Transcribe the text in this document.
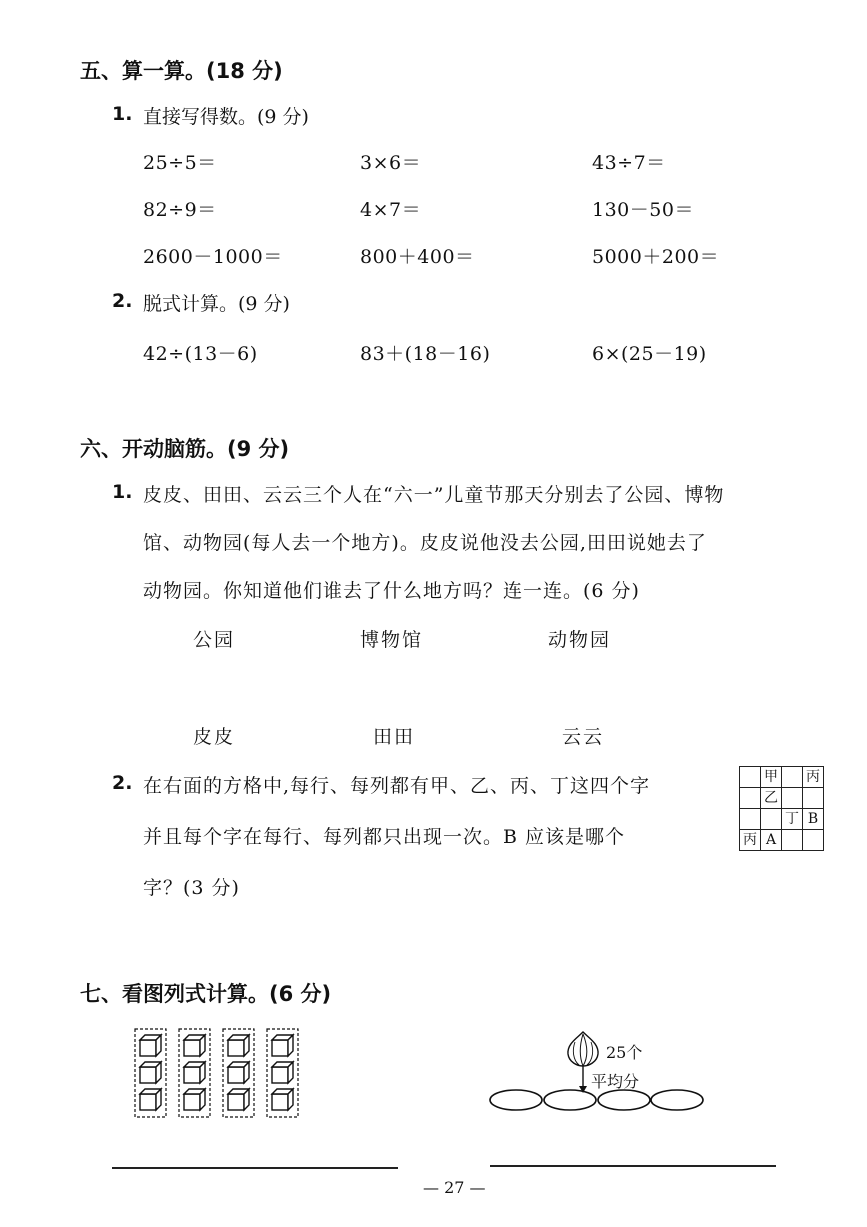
五、算一算。(18 分)
1. 直接写得数。(9 分)
25÷5＝	3×6＝	43÷7＝
82÷9＝	4×7＝	130－50＝
2600－1000＝	800＋400＝	5000＋200＝
2. 脱式计算。(9 分)
42÷(13－6)	83＋(18－16)	6×(25－19)
六、开动脑筋。(9 分)
1. 皮皮、田田、云云三个人在“六一”儿童节那天分别去了公园、博物
馆、动物园(每人去一个地方)。皮皮说他没去公园,田田说她去了
动物园。你知道他们谁去了什么地方吗？连一连。(6 分)
公园	博物馆	动物园
皮皮	田田	云云
2. 在右面的方格中,每行、每列都有甲、乙、丙、丁这四个字
并且每个字在每行、每列都只出现一次。B 应该是哪个
字？(3 分)
	甲		丙
	乙		
		丁	B
丙	A		
七、看图列式计算。(6 分)
25个
平均分
— 27 —
